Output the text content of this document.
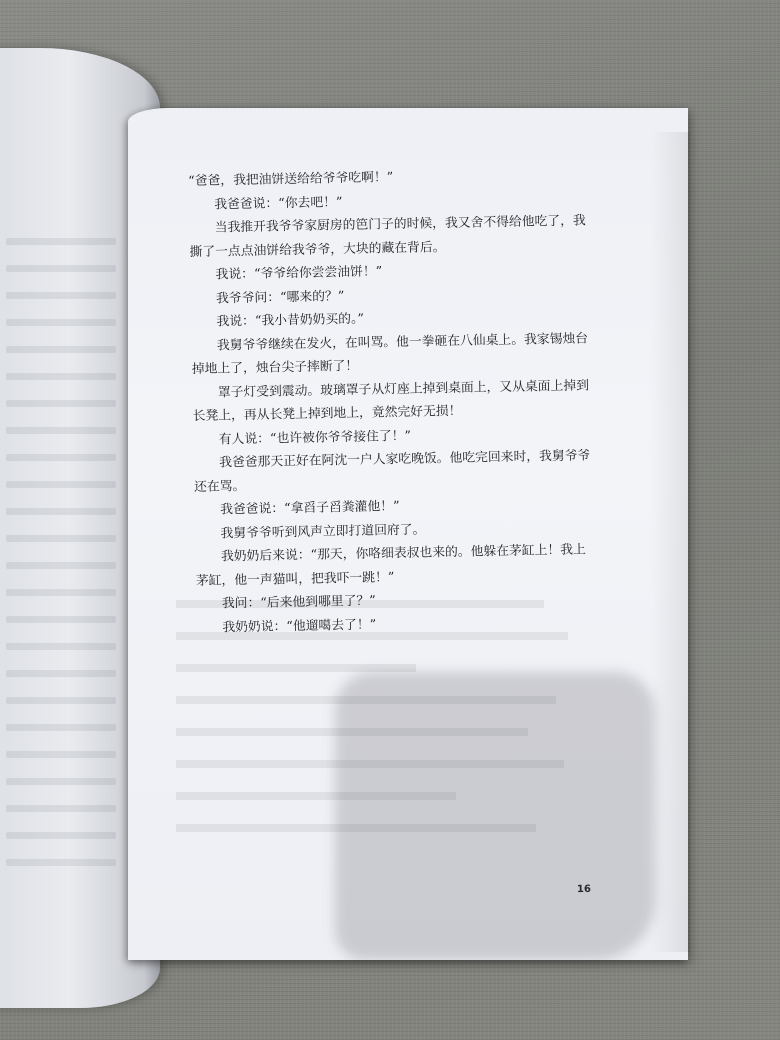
“爸爸，我把油饼送给给爷爷吃啊！”

我爸爸说：“你去吧！”

当我推开我爷爷家厨房的笆门子的时候，我又舍不得给他吃了，我撕了一点点油饼给我爷爷，大块的藏在背后。

我说：“爷爷给你尝尝油饼！”

我爷爷问：“哪来的？”

我说：“我小昔奶奶买的。”

我舅爷爷继续在发火，在叫骂。他一拳砸在八仙桌上。我家锡烛台掉地上了，烛台尖子摔断了！

罩子灯受到震动。玻璃罩子从灯座上掉到桌面上，又从桌面上掉到长凳上，再从长凳上掉到地上，竟然完好无损！

有人说：“也许被你爷爷接住了！”

我爸爸那天正好在阿沈一户人家吃晚饭。他吃完回来时，我舅爷爷还在骂。

我爸爸说：“拿舀子舀粪灌他！”

我舅爷爷听到风声立即打道回府了。

我奶奶后来说：“那天，你咯细表叔也来的。他躲在茅缸上！我上茅缸，他一声猫叫，把我吓一跳！”

我问：“后来他到哪里了？”

我奶奶说：“他遛噶去了！”

16
